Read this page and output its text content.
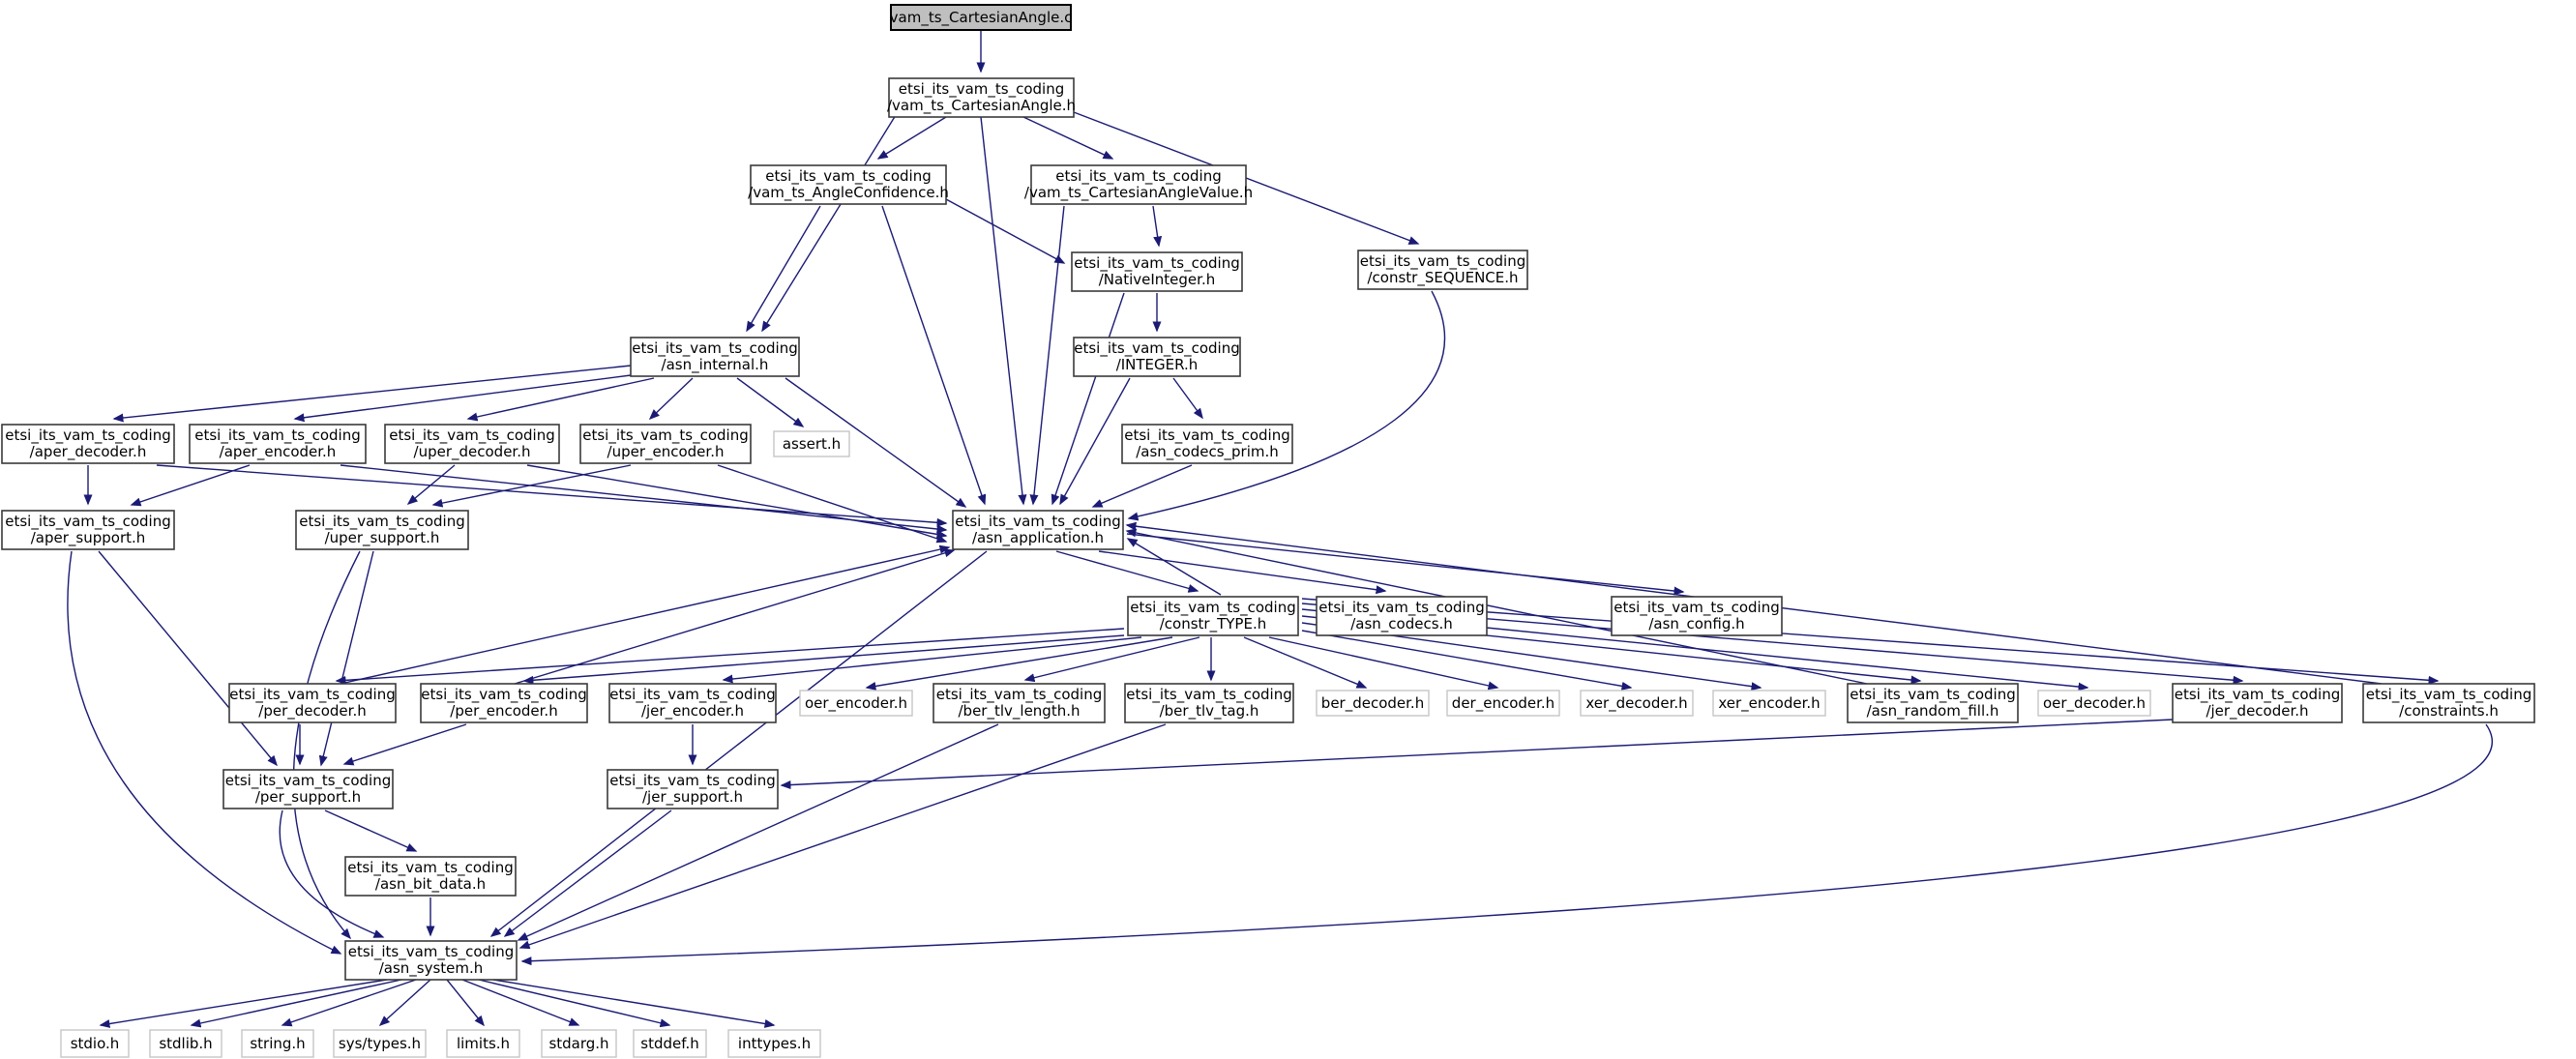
vam_ts_CartesianAngle.c
etsi_its_vam_ts_coding /vam_ts_CartesianAngle.h
etsi_its_vam_ts_coding /vam_ts_AngleConfidence.h
etsi_its_vam_ts_coding /vam_ts_CartesianAngleValue.h
etsi_its_vam_ts_coding /NativeInteger.h
etsi_its_vam_ts_coding /constr_SEQUENCE.h
etsi_its_vam_ts_coding /asn_internal.h
etsi_its_vam_ts_coding /INTEGER.h
etsi_its_vam_ts_coding /aper_decoder.h
etsi_its_vam_ts_coding /aper_encoder.h
etsi_its_vam_ts_coding /uper_decoder.h
etsi_its_vam_ts_coding /uper_encoder.h	assert.h	etsi_its_vam_ts_coding /asn_codecs_prim.h
etsi_its_vam_ts_coding /aper_support.h
etsi_its_vam_ts_coding /uper_support.h
etsi_its_vam_ts_coding /asn_application.h
etsi_its_vam_ts_coding /constr_TYPE.h
etsi_its_vam_ts_coding /asn_codecs.h
etsi_its_vam_ts_coding /asn_config.h
etsi_its_vam_ts_coding /per_decoder.h
etsi_its_vam_ts_coding /per_encoder.h
etsi_its_vam_ts_coding /jer_encoder.h	oer_encoder.h etsi_its_vam_ts_coding /ber_tlv_length.h
etsi_its_vam_ts_coding /ber_tlv_tag.h	ber_decoder.h der_encoder.h xer_decoder.h xer_encoder.h etsi_its_vam_ts_coding /asn_random_fill.h	oer_decoder.h etsi_its_vam_ts_coding /jer_decoder.h
etsi_its_vam_ts_coding /constraints.h
etsi_its_vam_ts_coding /per_support.h
etsi_its_vam_ts_coding /jer_support.h
etsi_its_vam_ts_coding /asn_bit_data.h
etsi_its_vam_ts_coding /asn_system.h
stdio.h	stdlib.h	string.h sys/types.h limits.h	stdarg.h stddef.h	inttypes.h
